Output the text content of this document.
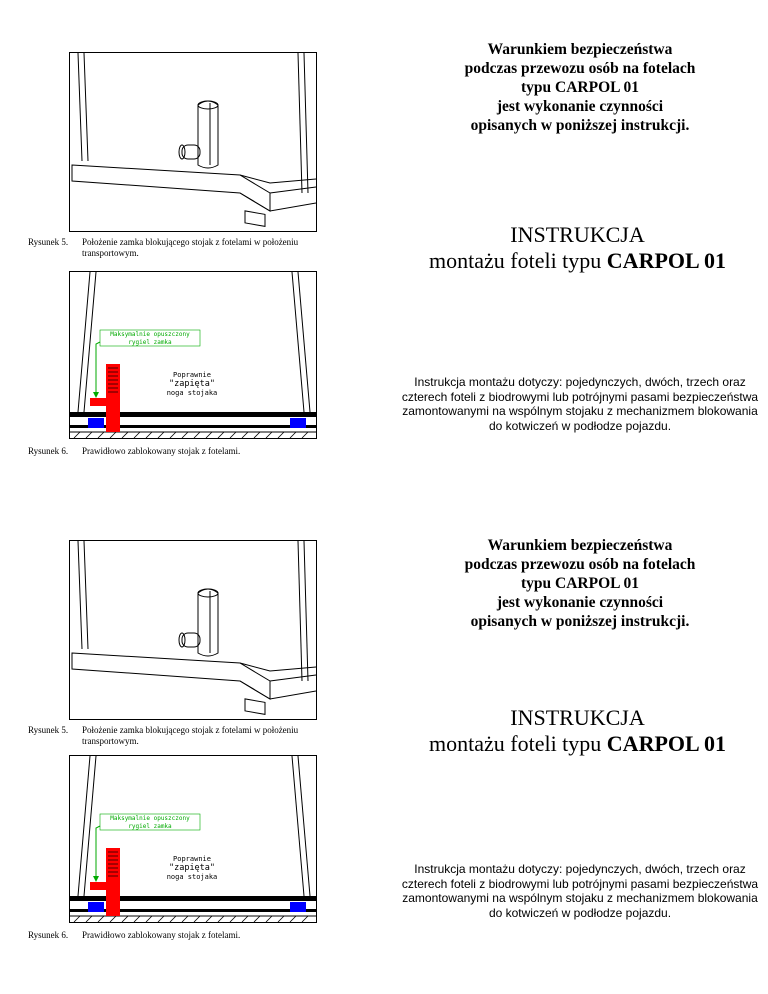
Rysunek 5. Położenie zamka blokującego stojak z fotelami w położeniu
transportowym.
Maksymalnie opuszczony
rygiel zamka
Poprawnie
"zapięta"
noga stojaka
Rysunek 6. Prawidłowo zablokowany stojak z fotelami.
Warunkiem bezpieczeństwa
podczas przewozu osób na fotelach
typu CARPOL 01
jest wykonanie czynności
opisanych w poniższej instrukcji.
INSTRUKCJA
montażu foteli typu CARPOL 01
Instrukcja montażu dotyczy: pojedynczych, dwóch, trzech oraz czterech foteli z biodrowymi lub potrójnymi pasami bezpieczeństwa zamontowanymi na wspólnym stojaku z mechanizmem blokowania do kotwiczeń w podłodze pojazdu.
Rysunek 5. Położenie zamka blokującego stojak z fotelami w położeniu
transportowym.
Maksymalnie opuszczony
rygiel zamka
Poprawnie
"zapięta"
noga stojaka
Rysunek 6. Prawidłowo zablokowany stojak z fotelami.
Warunkiem bezpieczeństwa
podczas przewozu osób na fotelach
typu CARPOL 01
jest wykonanie czynności
opisanych w poniższej instrukcji.
INSTRUKCJA
montażu foteli typu CARPOL 01
Instrukcja montażu dotyczy: pojedynczych, dwóch, trzech oraz czterech foteli z biodrowymi lub potrójnymi pasami bezpieczeństwa zamontowanymi na wspólnym stojaku z mechanizmem blokowania do kotwiczeń w podłodze pojazdu.
